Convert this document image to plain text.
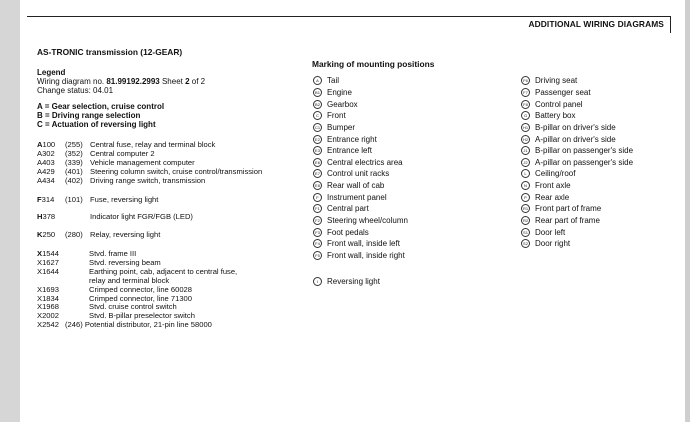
ADDITIONAL WIRING DIAGRAMS
AS-TRONIC transmission (12-GEAR)
Legend
Wiring diagram no. 81.99192.2993 Sheet 2 of 2
Change status: 04.01
A = Gear selection, cruise control
B = Driving range selection
C = Actuation of reversing light
A100	(255) Central fuse, relay and terminal block
A302	(352) Central computer 2
A403	(339) Vehicle management computer
A429	(401) Steering column switch, cruise control/transmission
A434	(402) Driving range switch, transmission
F314	(101) Fuse, reversing light
H378	Indicator light FGR/FGB (LED)
K250	(280) Relay, reversing light
X1544	Stvd. frame III
X1627	Stvd. reversing beam
X1644	Earthing point, cab, adjacent to central fuse,
relay and terminal block
X1693	Crimped connector, line 60028
X1834	Crimped connector, line 71300
X1968	Stvd. cruise control switch
X2002	Stvd. B-pillar preselector switch
X2542 (246) Potential distributor, 21-pin line 58000
Marking of mounting positions
A	Tail
B1 Engine
B2 Gearbox
C	Front
C1 Bumper
E2 Entrance right
E3 Entrance left
E6 Central electrics area
E7 Control unit racks
E8 Rear wall of cab
F	Instrument panel
F1 Central part
F2 Steering wheel/column
F3 Foot pedals
F4 Front wall, inside left
F5 Front wall, inside right
I	Reversing light
F6 Driving seat
F7 Passenger seat
F8 Control panel
G Battery box
H1 B-pillar on driver's side
H2 A-pillar on driver's side
J1 B-pillar on passenger's side
J2 A-pillar on passenger's side
L	Ceiling/roof
N	Front axle
P	Rear axle
R1 Front part of frame
R2 Rear part of frame
S1 Door left
S2 Door right
